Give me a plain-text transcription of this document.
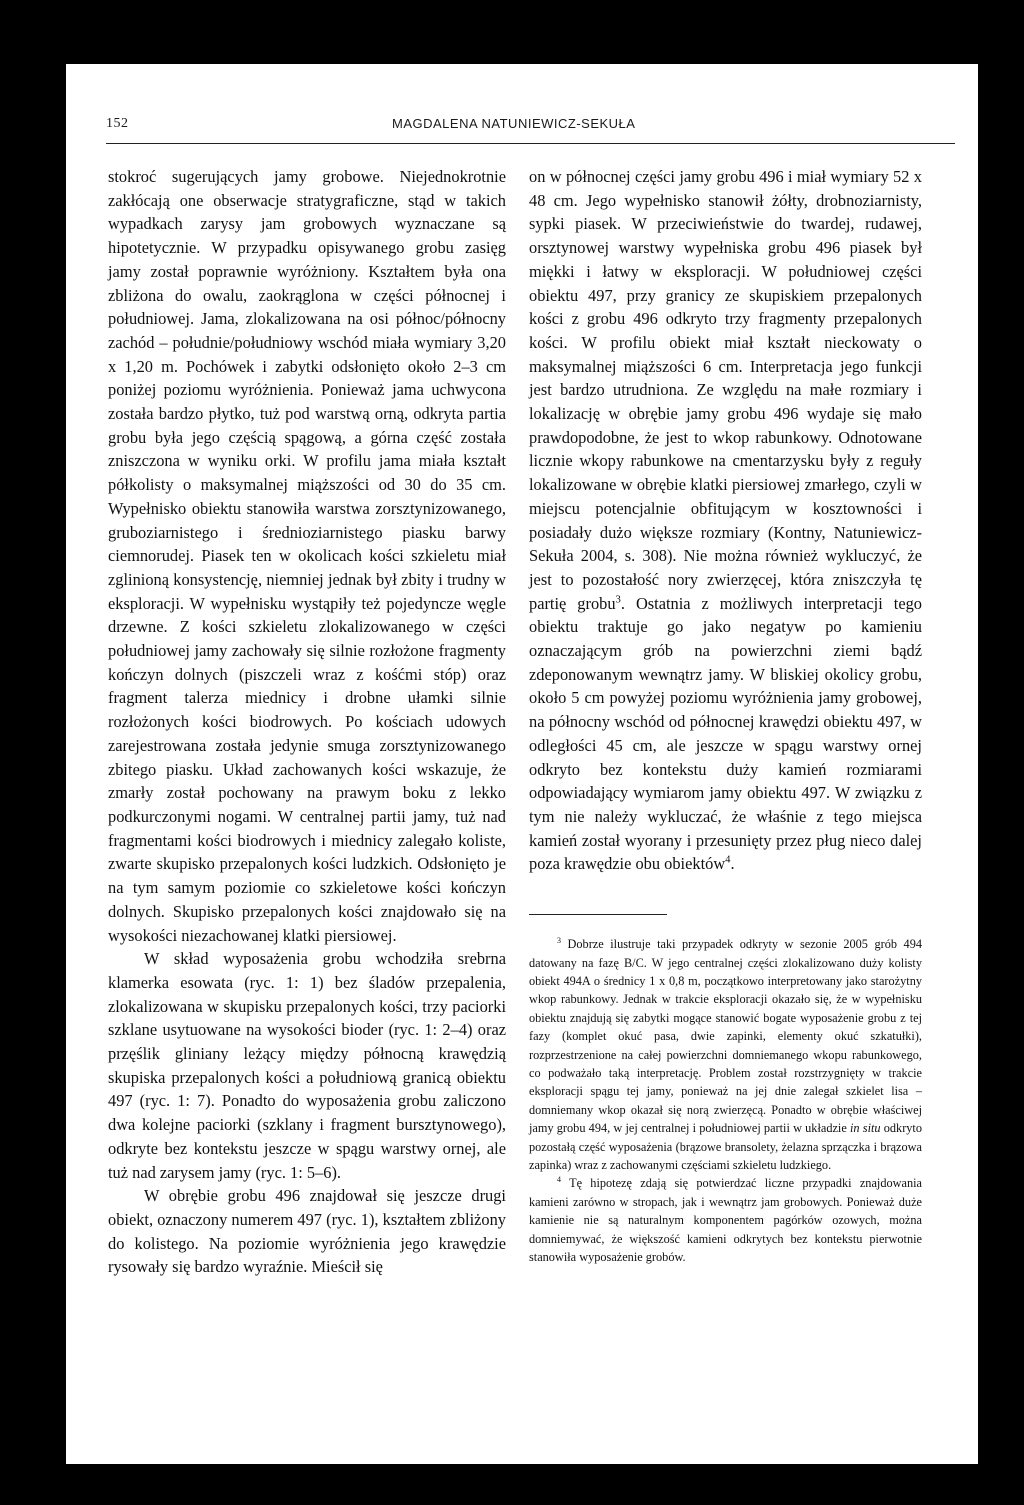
152	MAGDALENA NATUNIEWICZ-SEKUŁA

stokroć sugerujących jamy grobowe. Niejednokrotnie zakłócają one obserwacje stratygraficzne, stąd w takich wypadkach zarysy jam grobowych wyznaczane są hipotetycznie. W przypadku opisywanego grobu zasięg jamy został poprawnie wyróżniony. Kształtem była ona zbliżona do owalu, zaokrąglona w części północnej i południowej. Jama, zlokalizowana na osi północ/północny zachód – południe/południowy wschód miała wymiary 3,20 x 1,20 m. Pochówek i zabytki odsłonięto około 2–3 cm poniżej poziomu wyróżnienia. Ponieważ jama uchwycona została bardzo płytko, tuż pod warstwą orną, odkryta partia grobu była jego częścią spągową, a górna część została zniszczona w wyniku orki. W profilu jama miała kształt półkolisty o maksymalnej miąższości od 30 do 35 cm. Wypełnisko obiektu stanowiła warstwa zorsztynizowanego, gruboziarnistego i średnioziarnistego piasku barwy ciemnorudej. Piasek ten w okolicach kości szkieletu miał zglinioną konsystencję, niemniej jednak był zbity i trudny w eksploracji. W wypełnisku wystąpiły też pojedyncze węgle drzewne. Z kości szkieletu zlokalizowanego w części południowej jamy zachowały się silnie rozłożone fragmenty kończyn dolnych (piszczeli wraz z kośćmi stóp) oraz fragment talerza miednicy i drobne ułamki silnie rozłożonych kości biodrowych. Po kościach udowych zarejestrowana została jedynie smuga zorsztynizowanego zbitego piasku. Układ zachowanych kości wskazuje, że zmarły został pochowany na prawym boku z lekko podkurczonymi nogami. W centralnej partii jamy, tuż nad fragmentami kości biodrowych i miednicy zalegało koliste, zwarte skupisko przepalonych kości ludzkich. Odsłonięto je na tym samym poziomie co szkieletowe kości kończyn dolnych. Skupisko przepalonych kości znajdowało się na wysokości niezachowanej klatki piersiowej.

W skład wyposażenia grobu wchodziła srebrna klamerka esowata (ryc. 1: 1) bez śladów przepalenia, zlokalizowana w skupisku przepalonych kości, trzy paciorki szklane usytuowane na wysokości bioder (ryc. 1: 2–4) oraz przęślik gliniany leżący między północną krawędzią skupiska przepalonych kości a południową granicą obiektu 497 (ryc. 1: 7). Ponadto do wyposażenia grobu zaliczono dwa kolejne paciorki (szklany i fragment bursztynowego), odkryte bez kontekstu jeszcze w spągu warstwy ornej, ale tuż nad zarysem jamy (ryc. 1: 5–6).

W obrębie grobu 496 znajdował się jeszcze drugi obiekt, oznaczony numerem 497 (ryc. 1), kształtem zbliżony do kolistego. Na poziomie wyróżnienia jego krawędzie rysowały się bardzo wyraźnie. Mieścił się

on w północnej części jamy grobu 496 i miał wymiary 52 x 48 cm. Jego wypełnisko stanowił żółty, drobnoziarnisty, sypki piasek. W przeciwieństwie do twardej, rudawej, orsztynowej warstwy wypełniska grobu 496 piasek był miękki i łatwy w eksploracji. W południowej części obiektu 497, przy granicy ze skupiskiem przepalonych kości z grobu 496 odkryto trzy fragmenty przepalonych kości. W profilu obiekt miał kształt nieckowaty o maksymalnej miąższości 6 cm. Interpretacja jego funkcji jest bardzo utrudniona. Ze względu na małe rozmiary i lokalizację w obrębie jamy grobu 496 wydaje się mało prawdopodobne, że jest to wkop rabunkowy. Odnotowane licznie wkopy rabunkowe na cmentarzysku były z reguły lokalizowane w obrębie klatki piersiowej zmarłego, czyli w miejscu potencjalnie obfitującym w kosztowności i posiadały dużo większe rozmiary (Kontny, Natuniewicz-Sekuła 2004, s. 308). Nie można również wykluczyć, że jest to pozostałość nory zwierzęcej, która zniszczyła tę partię grobu$^3$. Ostatnia z możliwych interpretacji tego obiektu traktuje go jako negatyw po kamieniu oznaczającym grób na powierzchni ziemi bądź zdeponowanym wewnątrz jamy. W bliskiej okolicy grobu, około 5 cm powyżej poziomu wyróżnienia jamy grobowej, na północny wschód od północnej krawędzi obiektu 497, w odległości 45 cm, ale jeszcze w spągu warstwy ornej odkryto bez kontekstu duży kamień rozmiarami odpowiadający wymiarom jamy obiektu 497. W związku z tym nie należy wykluczać, że właśnie z tego miejsca kamień został wyorany i przesunięty przez pług nieco dalej poza krawędzie obu obiektów$^4$.

$^3$ Dobrze ilustruje taki przypadek odkryty w sezonie 2005 grób 494 datowany na fazę B/C. W jego centralnej części zlokalizowano duży kolisty obiekt 494A o średnicy 1 x 0,8 m, początkowo interpretowany jako starożytny wkop rabunkowy. Jednak w trakcie eksploracji okazało się, że w wypełnisku obiektu znajdują się zabytki mogące stanowić bogate wyposażenie grobu z tej fazy (komplet okuć pasa, dwie zapinki, elementy okuć szkatułki), rozprzestrzenione na całej powierzchni domniemanego wkopu rabunkowego, co podważało taką interpretację. Problem został rozstrzygnięty w trakcie eksploracji spągu tej jamy, ponieważ na jej dnie zalegał szkielet lisa – domniemany wkop okazał się norą zwierzęcą. Ponadto w obrębie właściwej jamy grobu 494, w jej centralnej i południowej partii w układzie in situ odkryto pozostałą część wyposażenia (brązowe bransolety, żelazna sprzączka i brązowa zapinka) wraz z zachowanymi częściami szkieletu ludzkiego.

$^4$ Tę hipotezę zdają się potwierdzać liczne przypadki znajdowania kamieni zarówno w stropach, jak i wewnątrz jam grobowych. Ponieważ duże kamienie nie są naturalnym komponentem pagórków ozowych, można domniemywać, że większość kamieni odkrytych bez kontekstu pierwotnie stanowiła wyposażenie grobów.
